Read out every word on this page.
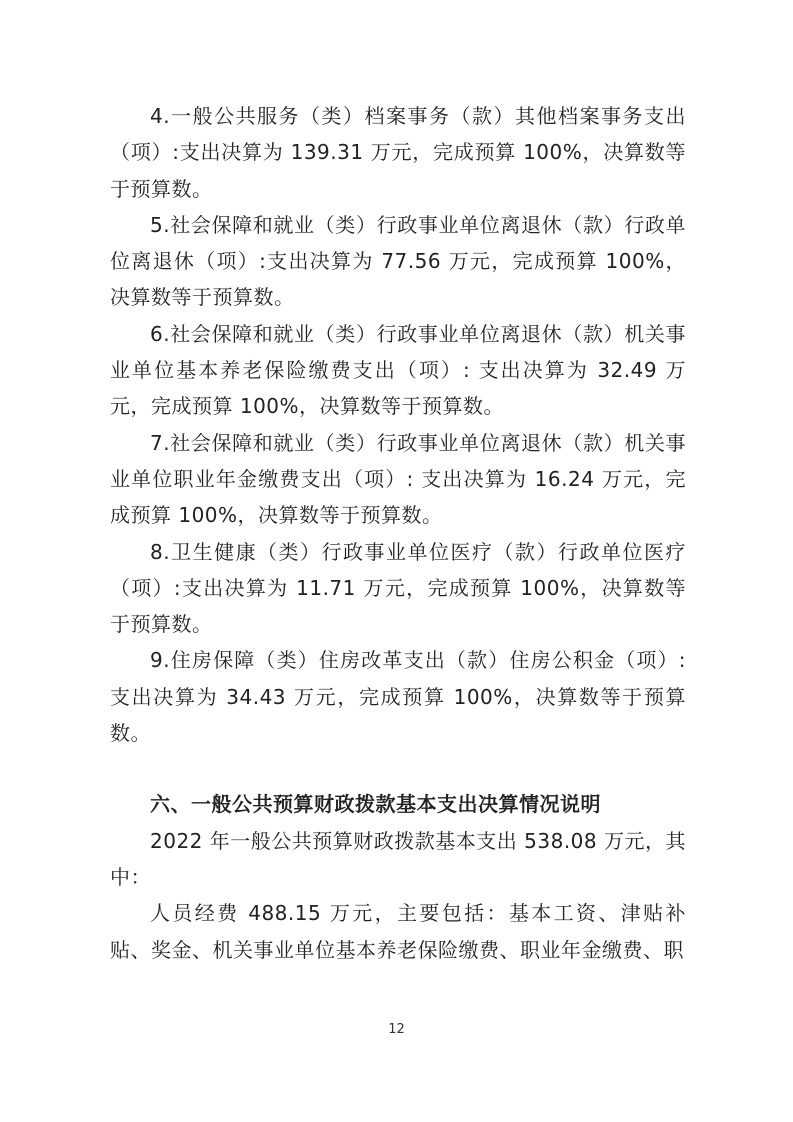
4.一般公共服务（类）档案事务（款）其他档案事务支出（项）:支出决算为 139.31 万元，完成预算 100%，决算数等于预算数。

5.社会保障和就业（类）行政事业单位离退休（款）行政单位离退休（项）:支出决算为 77.56 万元，完成预算 100%，决算数等于预算数。

6.社会保障和就业（类）行政事业单位离退休（款）机关事业单位基本养老保险缴费支出（项）: 支出决算为 32.49 万元，完成预算 100%，决算数等于预算数。

7.社会保障和就业（类）行政事业单位离退休（款）机关事业单位职业年金缴费支出（项）: 支出决算为 16.24 万元，完成预算 100%，决算数等于预算数。

8.卫生健康（类）行政事业单位医疗（款）行政单位医疗（项）:支出决算为 11.71 万元，完成预算 100%，决算数等于预算数。

9.住房保障（类）住房改革支出（款）住房公积金（项）:支出决算为 34.43 万元，完成预算 100%，决算数等于预算数。

六、一般公共预算财政拨款基本支出决算情况说明

2022 年一般公共预算财政拨款基本支出 538.08 万元，其中：

人员经费 488.15 万元，主要包括：基本工资、津贴补贴、奖金、机关事业单位基本养老保险缴费、职业年金缴费、职

12
